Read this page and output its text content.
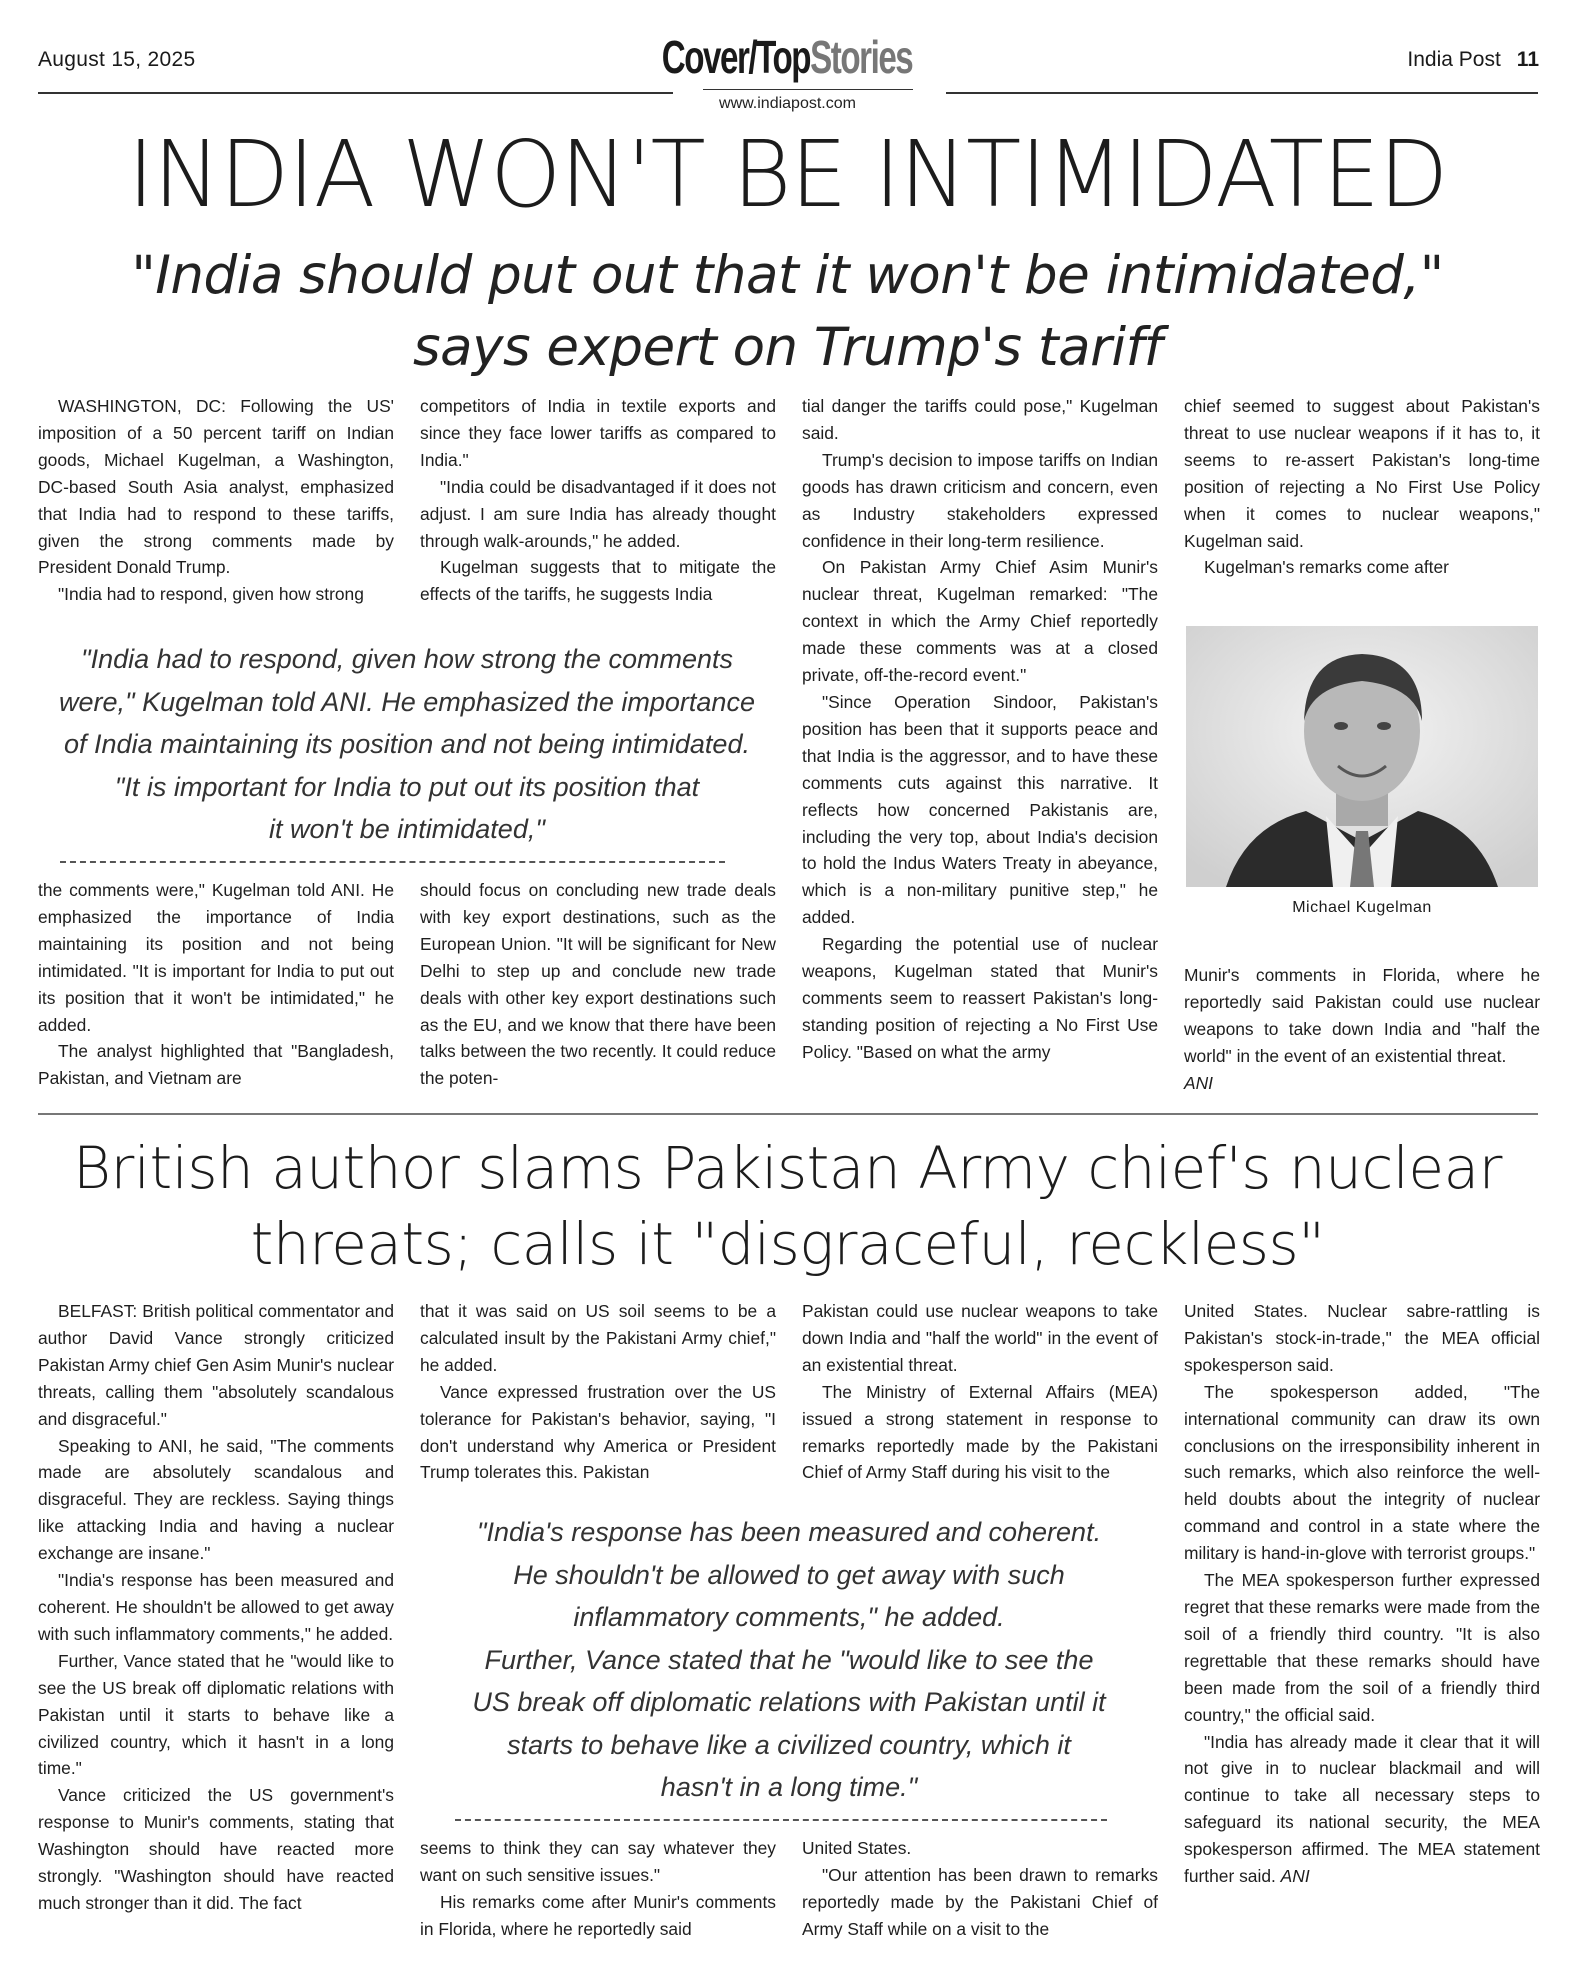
August 15, 2025	Cover/TopStories
www.indiapost.com
India Post 11
INDIA WON'T BE INTIMIDATED
"India should put out that it won't be intimidated,"
says expert on Trump's tariff

WASHINGTON, DC: Following the US' imposition of a 50 percent tariff on Indian goods, Michael Kugelman, a Washington, DC-based South Asia analyst, emphasized that India had to respond to these tariffs, given the strong comments made by President Donald Trump.

"India had to respond, given how strong

competitors of India in textile exports and since they face lower tariffs as compared to India."

"India could be disadvantaged if it does not adjust. I am sure India has already thought through walk-arounds," he added.

Kugelman suggests that to mitigate the effects of the tariffs, he suggests India

"India had to respond, given how strong the comments
were," Kugelman told ANI. He emphasized the importance
of India maintaining its position and not being intimidated.
"It is important for India to put out its position that
it won't be intimidated,"

the comments were," Kugelman told ANI. He emphasized the importance of India maintaining its position and not being intimidated. "It is important for India to put out its position that it won't be intimidated," he added.

The analyst highlighted that "Bangladesh, Pakistan, and Vietnam are

should focus on concluding new trade deals with key export destinations, such as the European Union. "It will be significant for New Delhi to step up and conclude new trade deals with other key export destinations such as the EU, and we know that there have been talks between the two recently. It could reduce the poten-

tial danger the tariffs could pose," Kugelman said.

Trump's decision to impose tariffs on Indian goods has drawn criticism and concern, even as Industry stakeholders expressed confidence in their long-term resilience.

On Pakistan Army Chief Asim Munir's nuclear threat, Kugelman remarked: "The context in which the Army Chief reportedly made these comments was at a closed private, off-the-record event."

"Since Operation Sindoor, Pakistan's position has been that it supports peace and that India is the aggressor, and to have these comments cuts against this narrative. It reflects how concerned Pakistanis are, including the very top, about India's decision to hold the Indus Waters Treaty in abeyance, which is a non-military punitive step," he added.

Regarding the potential use of nuclear weapons, Kugelman stated that Munir's comments seem to reassert Pakistan's long-standing position of rejecting a No First Use Policy. "Based on what the army

chief seemed to suggest about Pakistan's threat to use nuclear weapons if it has to, it seems to re-assert Pakistan's long-time position of rejecting a No First Use Policy when it comes to nuclear weapons," Kugelman said.

Kugelman's remarks come after

Michael Kugelman

Munir's comments in Florida, where he reportedly said Pakistan could use nuclear weapons to take down India and "half the world" in the event of an existential threat.
ANI

British author slams Pakistan Army chief's nuclear
threats; calls it "disgraceful, reckless"

BELFAST: British political commentator and author David Vance strongly criticized Pakistan Army chief Gen Asim Munir's nuclear threats, calling them "absolutely scandalous and disgraceful."

Speaking to ANI, he said, "The comments made are absolutely scandalous and disgraceful. They are reckless. Saying things like attacking India and having a nuclear exchange are insane."

"India's response has been measured and coherent. He shouldn't be allowed to get away with such inflammatory comments," he added.

Further, Vance stated that he "would like to see the US break off diplomatic relations with Pakistan until it starts to behave like a civilized country, which it hasn't in a long time."

Vance criticized the US government's response to Munir's comments, stating that Washington should have reacted more strongly. "Washington should have reacted much stronger than it did. The fact

that it was said on US soil seems to be a calculated insult by the Pakistani Army chief," he added.

Vance expressed frustration over the US tolerance for Pakistan's behavior, saying, "I don't understand why America or President Trump tolerates this. Pakistan

Pakistan could use nuclear weapons to take down India and "half the world" in the event of an existential threat.

The Ministry of External Affairs (MEA) issued a strong statement in response to remarks reportedly made by the Pakistani Chief of Army Staff during his visit to the

"India's response has been measured and coherent.
He shouldn't be allowed to get away with such
inflammatory comments," he added.
Further, Vance stated that he "would like to see the
US break off diplomatic relations with Pakistan until it
starts to behave like a civilized country, which it
hasn't in a long time."

seems to think they can say whatever they want on such sensitive issues."

His remarks come after Munir's comments in Florida, where he reportedly said

United States.

"Our attention has been drawn to remarks reportedly made by the Pakistani Chief of Army Staff while on a visit to the

United States. Nuclear sabre-rattling is Pakistan's stock-in-trade," the MEA official spokesperson said.

The spokesperson added, "The international community can draw its own conclusions on the irresponsibility inherent in such remarks, which also reinforce the well-held doubts about the integrity of nuclear command and control in a state where the military is hand-in-glove with terrorist groups."

The MEA spokesperson further expressed regret that these remarks were made from the soil of a friendly third country. "It is also regrettable that these remarks should have been made from the soil of a friendly third country," the official said.

"India has already made it clear that it will not give in to nuclear blackmail and will continue to take all necessary steps to safeguard its national security, the MEA spokesperson affirmed. The MEA statement further said. ANI
